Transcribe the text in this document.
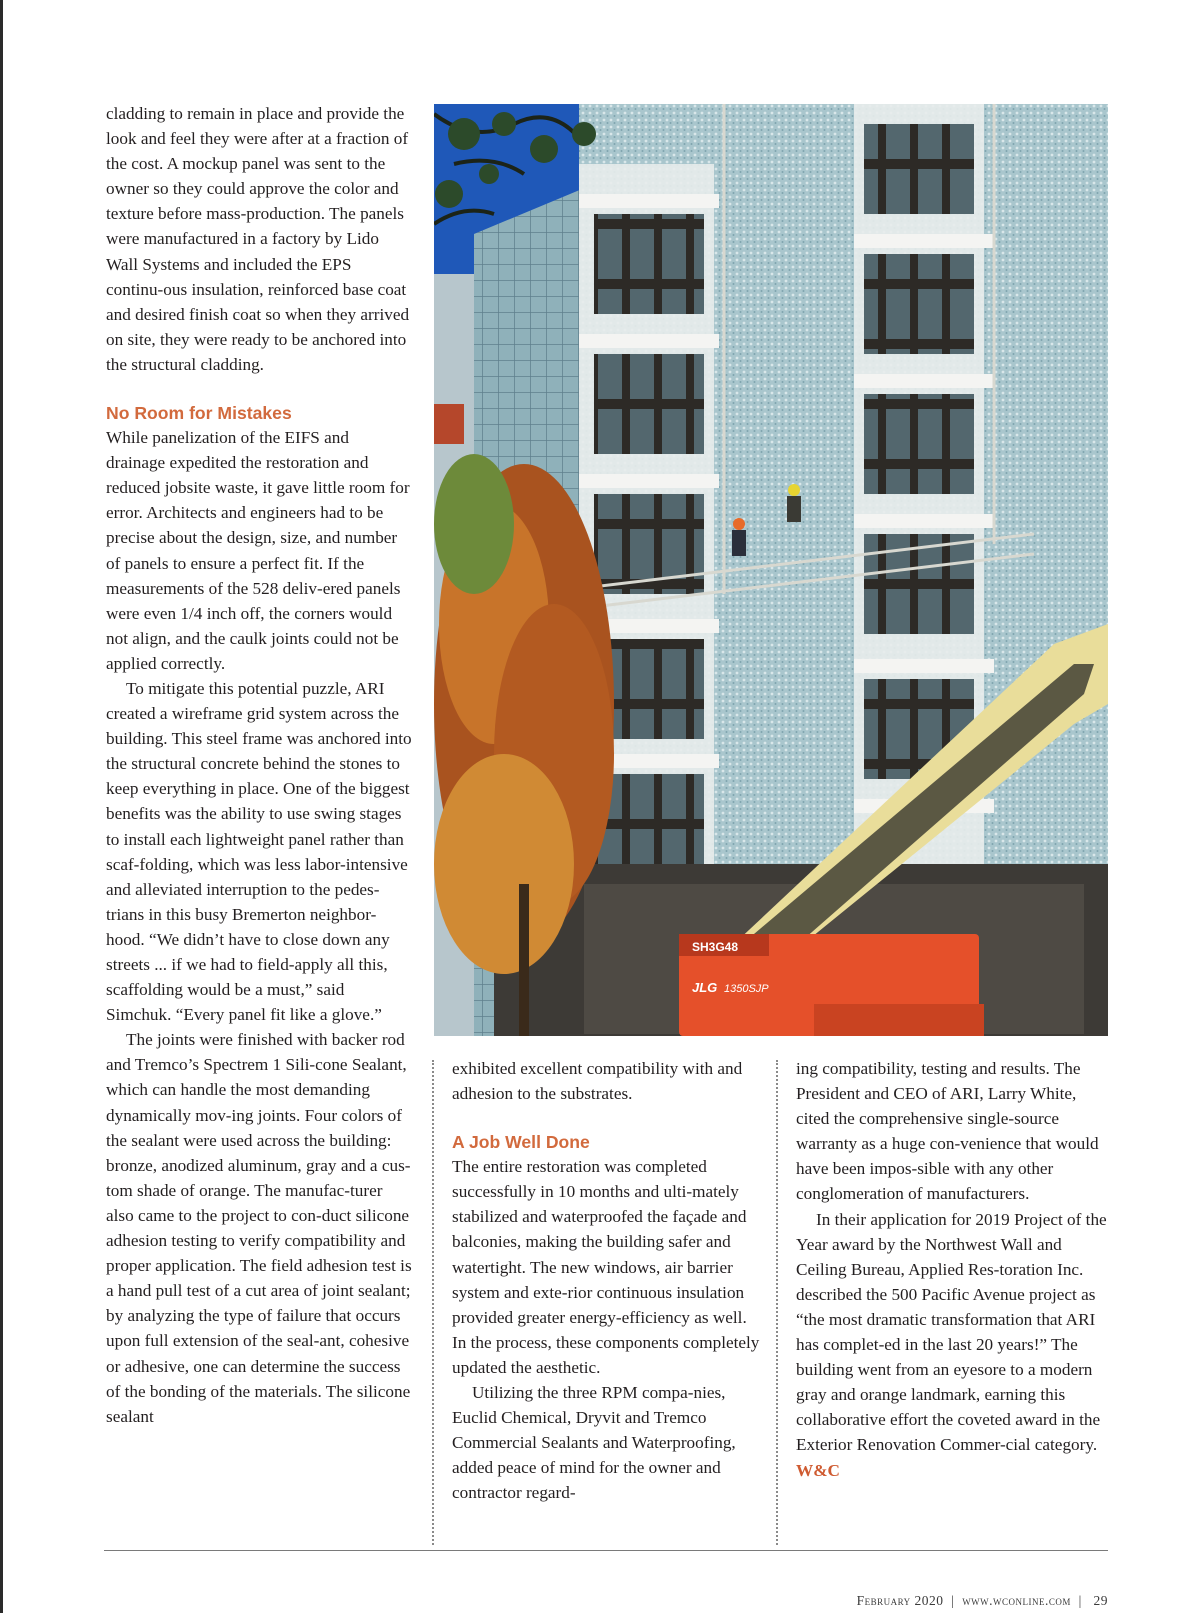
cladding to remain in place and provide the look and feel they were after at a fraction of the cost. A mockup panel was sent to the owner so they could approve the color and texture before mass-production. The panels were manufactured in a factory by Lido Wall Systems and included the EPS continu-ous insulation, reinforced base coat and desired finish coat so when they arrived on site, they were ready to be anchored into the structural cladding.

No Room for Mistakes

While panelization of the EIFS and drainage expedited the restoration and reduced jobsite waste, it gave little room for error. Architects and engineers had to be precise about the design, size, and number of panels to ensure a perfect fit. If the measurements of the 528 deliv-ered panels were even 1/4 inch off, the corners would not align, and the caulk joints could not be applied correctly.

To mitigate this potential puzzle, ARI created a wireframe grid system across the building. This steel frame was anchored into the structural concrete behind the stones to keep everything in place. One of the biggest benefits was the ability to use swing stages to install each lightweight panel rather than scaf-folding, which was less labor-intensive and alleviated interruption to the pedes-trians in this busy Bremerton neighbor-hood. “We didn’t have to close down any streets ... if we had to field-apply all this, scaffolding would be a must,” said Simchuk. “Every panel fit like a glove.”

The joints were finished with backer rod and Tremco’s Spectrem 1 Sili-cone Sealant, which can handle the most demanding dynamically mov-ing joints. Four colors of the sealant were used across the building: bronze, anodized aluminum, gray and a cus-tom shade of orange. The manufac-turer also came to the project to con-duct silicone adhesion testing to verify compatibility and proper application. The field adhesion test is a hand pull test of a cut area of joint sealant; by analyzing the type of failure that occurs upon full extension of the seal-ant, cohesive or adhesive, one can determine the success of the bonding of the materials. The silicone sealant

SH3G48
JLG 1350SJP

exhibited excellent compatibility with and adhesion to the substrates.

A Job Well Done

The entire restoration was completed successfully in 10 months and ulti-mately stabilized and waterproofed the façade and balconies, making the building safer and watertight. The new windows, air barrier system and exte-rior continuous insulation provided greater energy-efficiency as well. In the process, these components completely updated the aesthetic.

Utilizing the three RPM compa-nies, Euclid Chemical, Dryvit and Tremco Commercial Sealants and Waterproofing, added peace of mind for the owner and contractor regard-

ing compatibility, testing and results. The President and CEO of ARI, Larry White, cited the comprehensive single-source warranty as a huge con-venience that would have been impos-sible with any other conglomeration of manufacturers.

In their application for 2019 Project of the Year award by the Northwest Wall and Ceiling Bureau, Applied Res-toration Inc. described the 500 Pacific Avenue project as “the most dramatic transformation that ARI has complet-ed in the last 20 years!” The building went from an eyesore to a modern gray and orange landmark, earning this collaborative effort the coveted award in the Exterior Renovation Commer-cial category. W&C

February 2020  |  www.wconline.com  |   29
